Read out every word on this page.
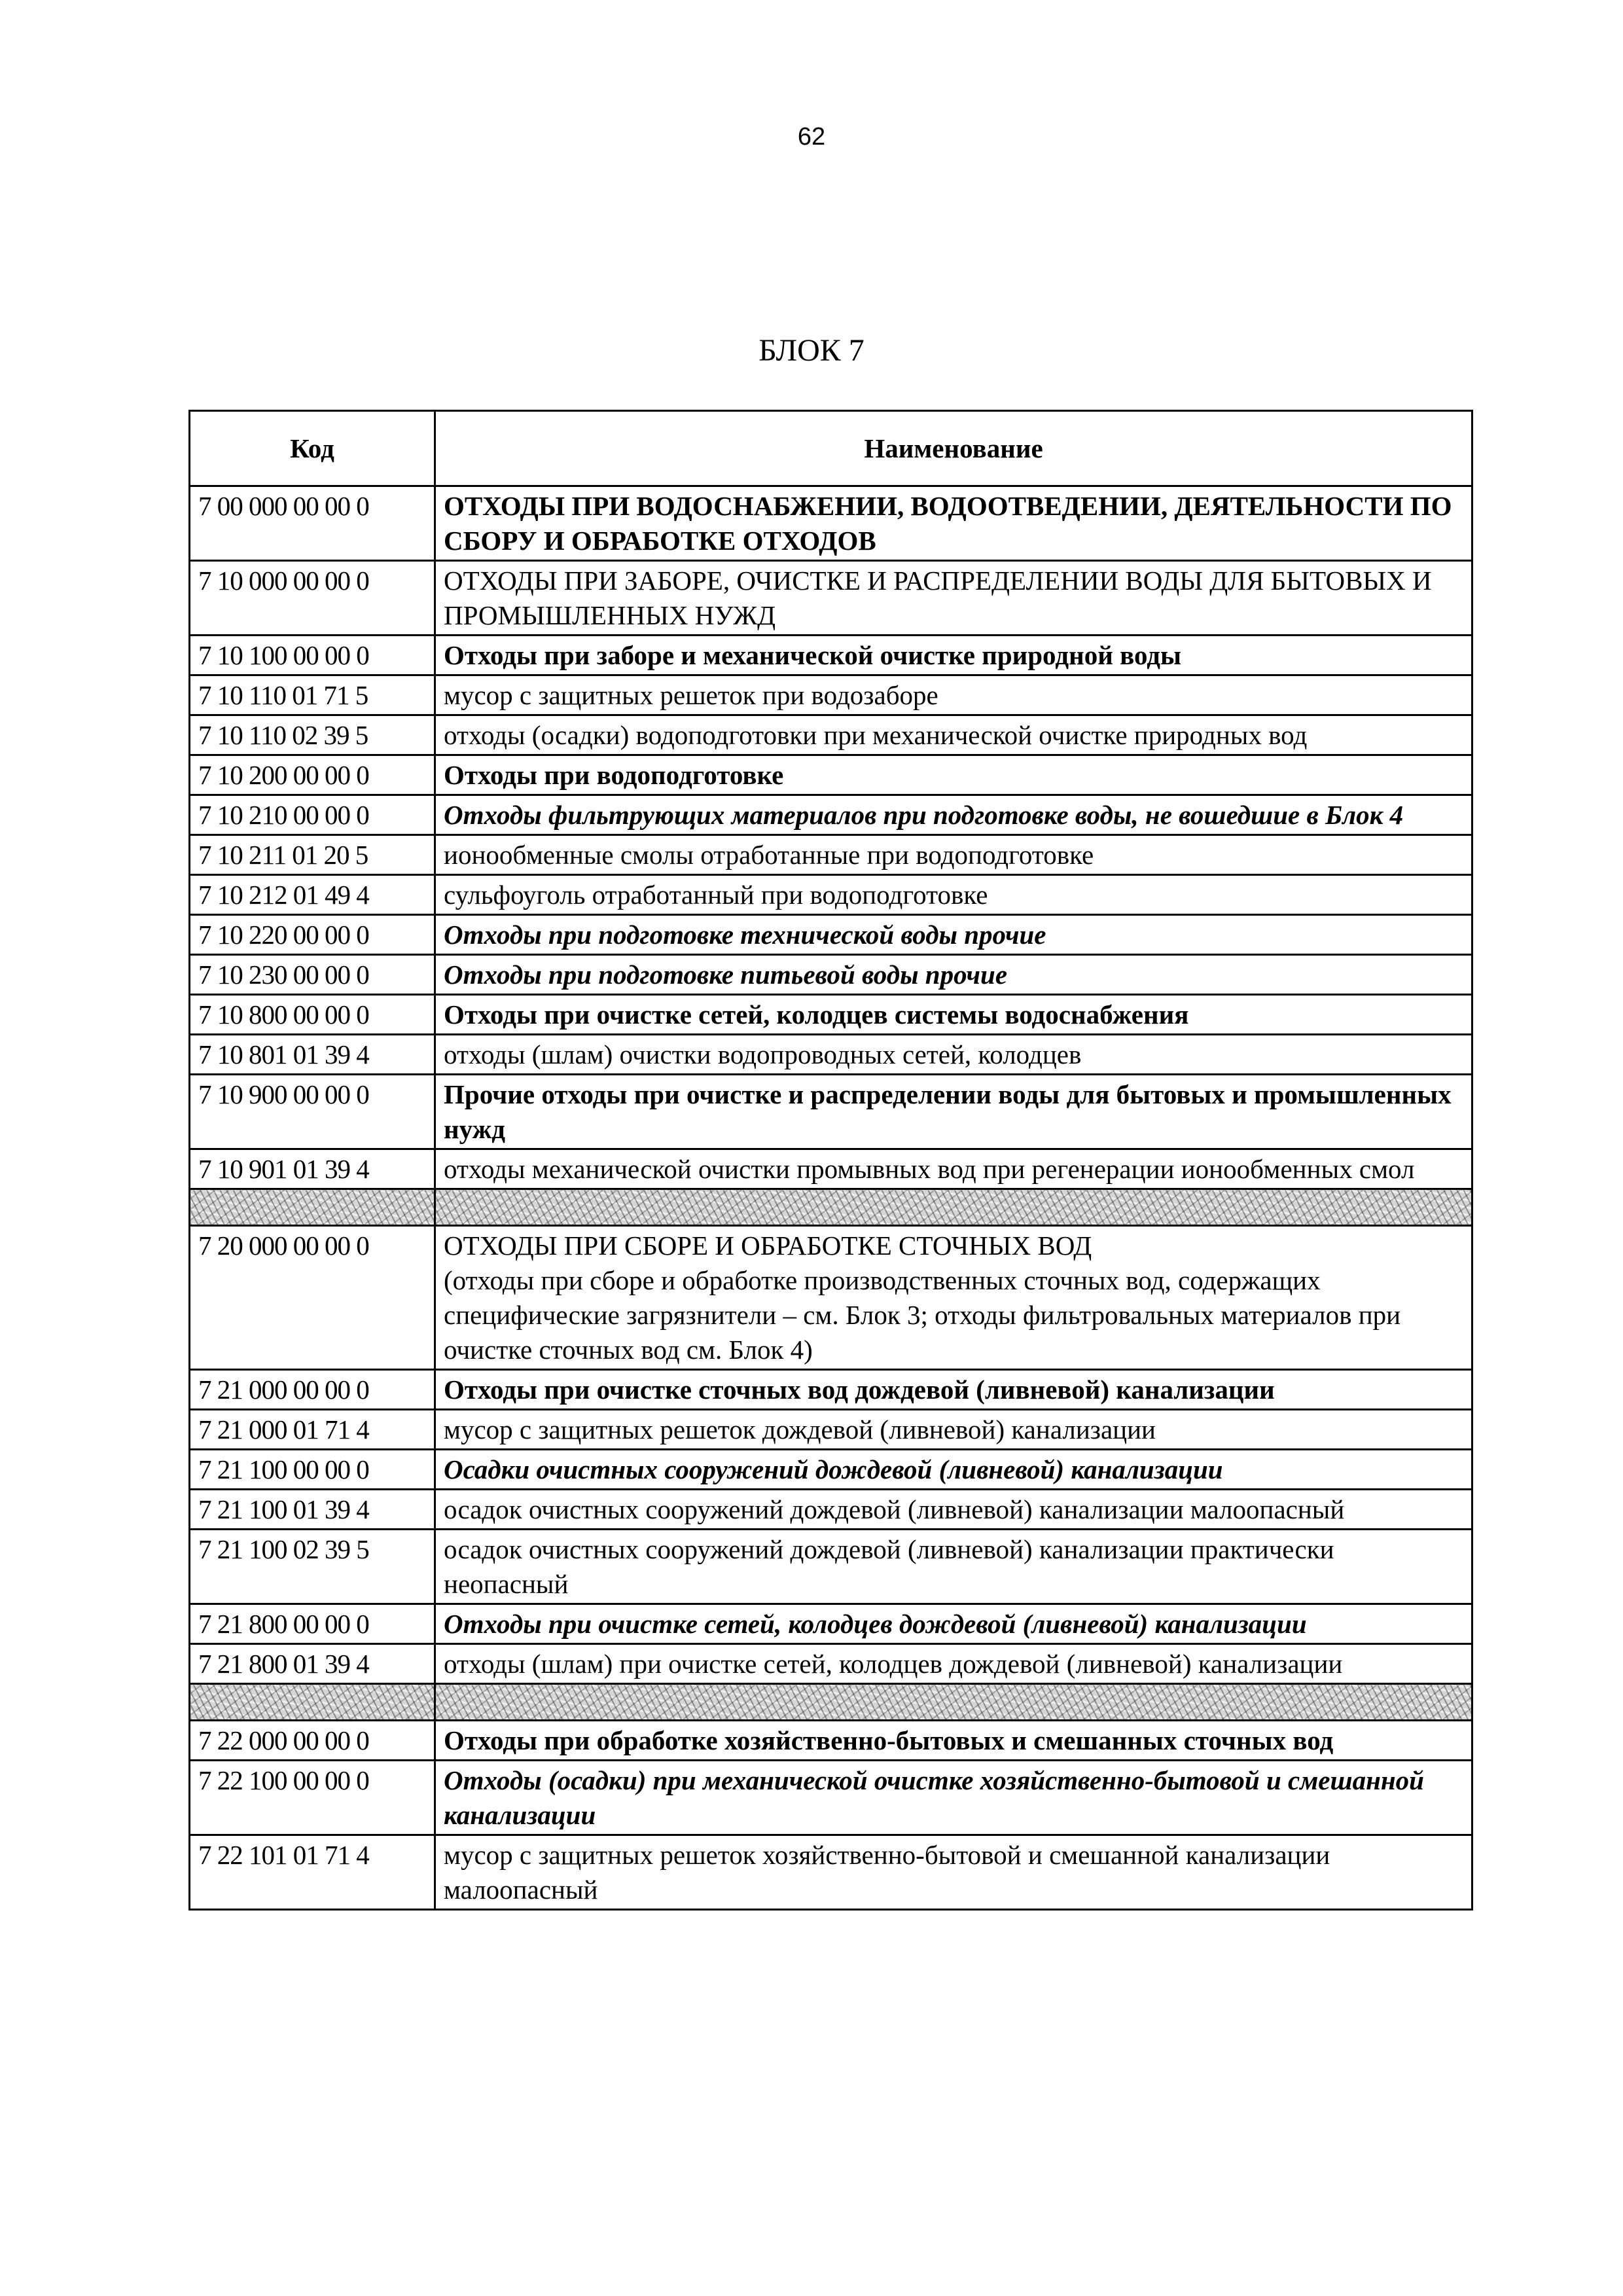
62
БЛОК 7
Код	Наименование
7 00 000 00 00 0	ОТХОДЫ ПРИ ВОДОСНАБЖЕНИИ, ВОДООТВЕДЕНИИ, ДЕЯТЕЛЬНОСТИ ПО СБОРУ И ОБРАБОТКЕ ОТХОДОВ
7 10 000 00 00 0	ОТХОДЫ ПРИ ЗАБОРЕ, ОЧИСТКЕ И РАСПРЕДЕЛЕНИИ ВОДЫ ДЛЯ БЫТОВЫХ И ПРОМЫШЛЕННЫХ НУЖД
7 10 100 00 00 0	Отходы при заборе и механической очистке природной воды
7 10 110 01 71 5	мусор с защитных решеток при водозаборе
7 10 110 02 39 5	отходы (осадки) водоподготовки при механической очистке природных вод
7 10 200 00 00 0	Отходы при водоподготовке
7 10 210 00 00 0	Отходы фильтрующих материалов при подготовке воды, не вошедшие в Блок 4
7 10 211 01 20 5	ионообменные смолы отработанные при водоподготовке
7 10 212 01 49 4	сульфоуголь отработанный при водоподготовке
7 10 220 00 00 0	Отходы при подготовке технической воды прочие
7 10 230 00 00 0	Отходы при подготовке питьевой воды прочие
7 10 800 00 00 0	Отходы при очистке сетей, колодцев системы водоснабжения
7 10 801 01 39 4	отходы (шлам) очистки водопроводных сетей, колодцев
7 10 900 00 00 0	Прочие отходы при очистке и распределении воды для бытовых и промышленных нужд
7 10 901 01 39 4	отходы механической очистки промывных вод при регенерации ионообменных смол

7 20 000 00 00 0	ОТХОДЫ ПРИ СБОРЕ И ОБРАБОТКЕ СТОЧНЫХ ВОД
(отходы при сборе и обработке производственных сточных вод, содержащих специфические загрязнители – см. Блок 3; отходы фильтровальных материалов при очистке сточных вод см. Блок 4)

7 21 000 00 00 0	Отходы при очистке сточных вод дождевой (ливневой) канализации
7 21 000 01 71 4	мусор с защитных решеток дождевой (ливневой) канализации
7 21 100 00 00 0	Осадки очистных сооружений дождевой (ливневой) канализации
7 21 100 01 39 4	осадок очистных сооружений дождевой (ливневой) канализации малоопасный
7 21 100 02 39 5	осадок очистных сооружений дождевой (ливневой) канализации практически неопасный
7 21 800 00 00 0	Отходы при очистке сетей, колодцев дождевой (ливневой) канализации
7 21 800 01 39 4	отходы (шлам) при очистке сетей, колодцев дождевой (ливневой) канализации

7 22 000 00 00 0	Отходы при обработке хозяйственно-бытовых и смешанных сточных вод
7 22 100 00 00 0	Отходы (осадки) при механической очистке хозяйственно-бытовой и смешанной канализации
7 22 101 01 71 4	мусор с защитных решеток хозяйственно-бытовой и смешанной канализации малоопасный
